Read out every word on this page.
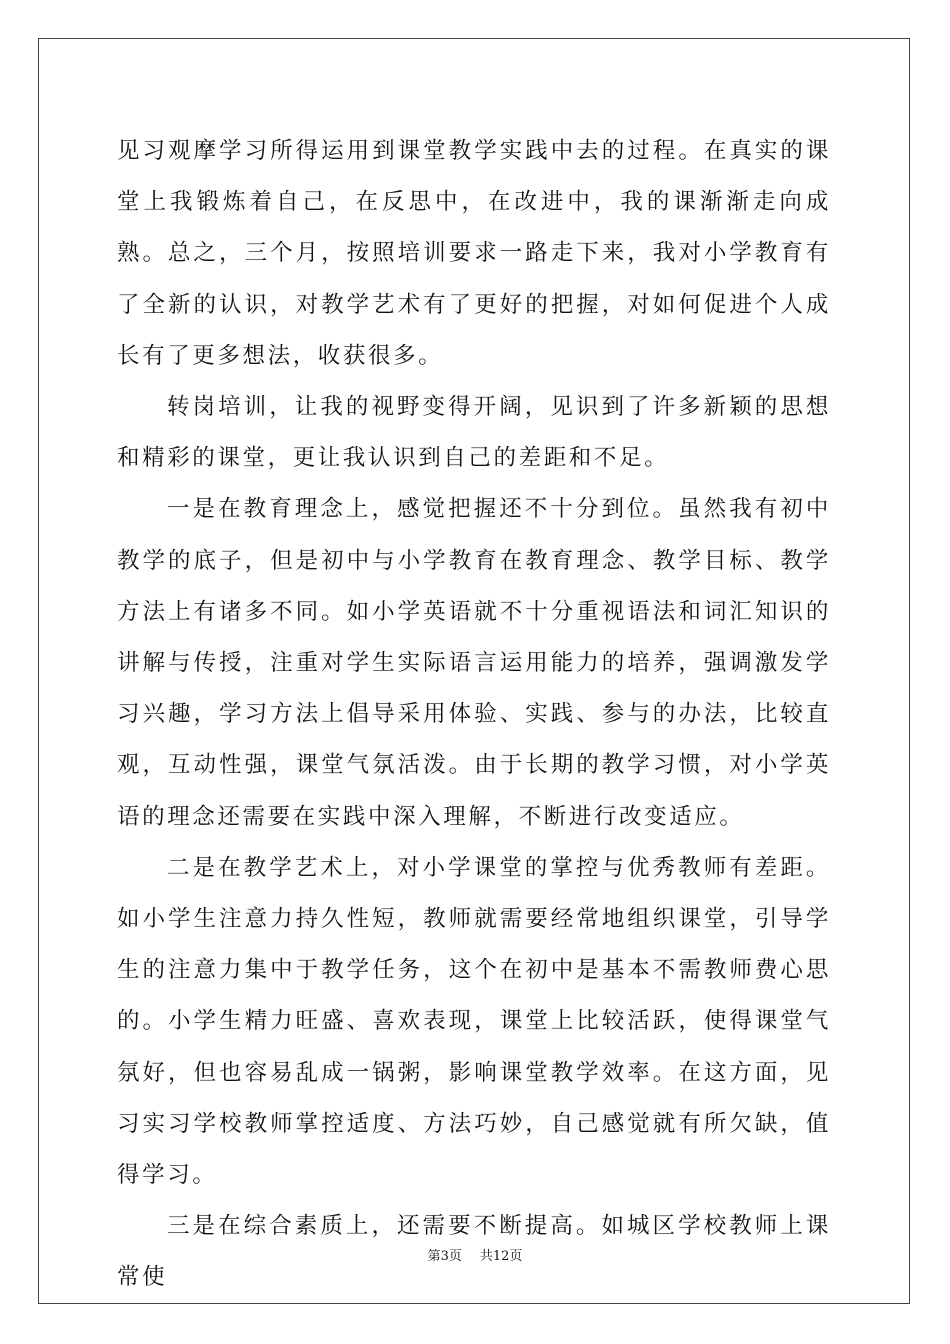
见习观摩学习所得运用到课堂教学实践中去的过程。在真实的课堂上我锻炼着自己，在反思中，在改进中，我的课渐渐走向成熟。总之，三个月，按照培训要求一路走下来，我对小学教育有了全新的认识，对教学艺术有了更好的把握，对如何促进个人成长有了更多想法，收获很多。

转岗培训，让我的视野变得开阔，见识到了许多新颖的思想和精彩的课堂，更让我认识到自己的差距和不足。

一是在教育理念上，感觉把握还不十分到位。虽然我有初中教学的底子，但是初中与小学教育在教育理念、教学目标、教学方法上有诸多不同。如小学英语就不十分重视语法和词汇知识的讲解与传授，注重对学生实际语言运用能力的培养，强调激发学习兴趣，学习方法上倡导采用体验、实践、参与的办法，比较直观，互动性强，课堂气氛活泼。由于长期的教学习惯，对小学英语的理念还需要在实践中深入理解，不断进行改变适应。

二是在教学艺术上，对小学课堂的掌控与优秀教师有差距。如小学生注意力持久性短，教师就需要经常地组织课堂，引导学生的注意力集中于教学任务，这个在初中是基本不需教师费心思的。小学生精力旺盛、喜欢表现，课堂上比较活跃，使得课堂气氛好，但也容易乱成一锅粥，影响课堂教学效率。在这方面，见习实习学校教师掌控适度、方法巧妙，自己感觉就有所欠缺，值得学习。

三是在综合素质上，还需要不断提高。如城区学校教师上课常使

第3页 共12页
